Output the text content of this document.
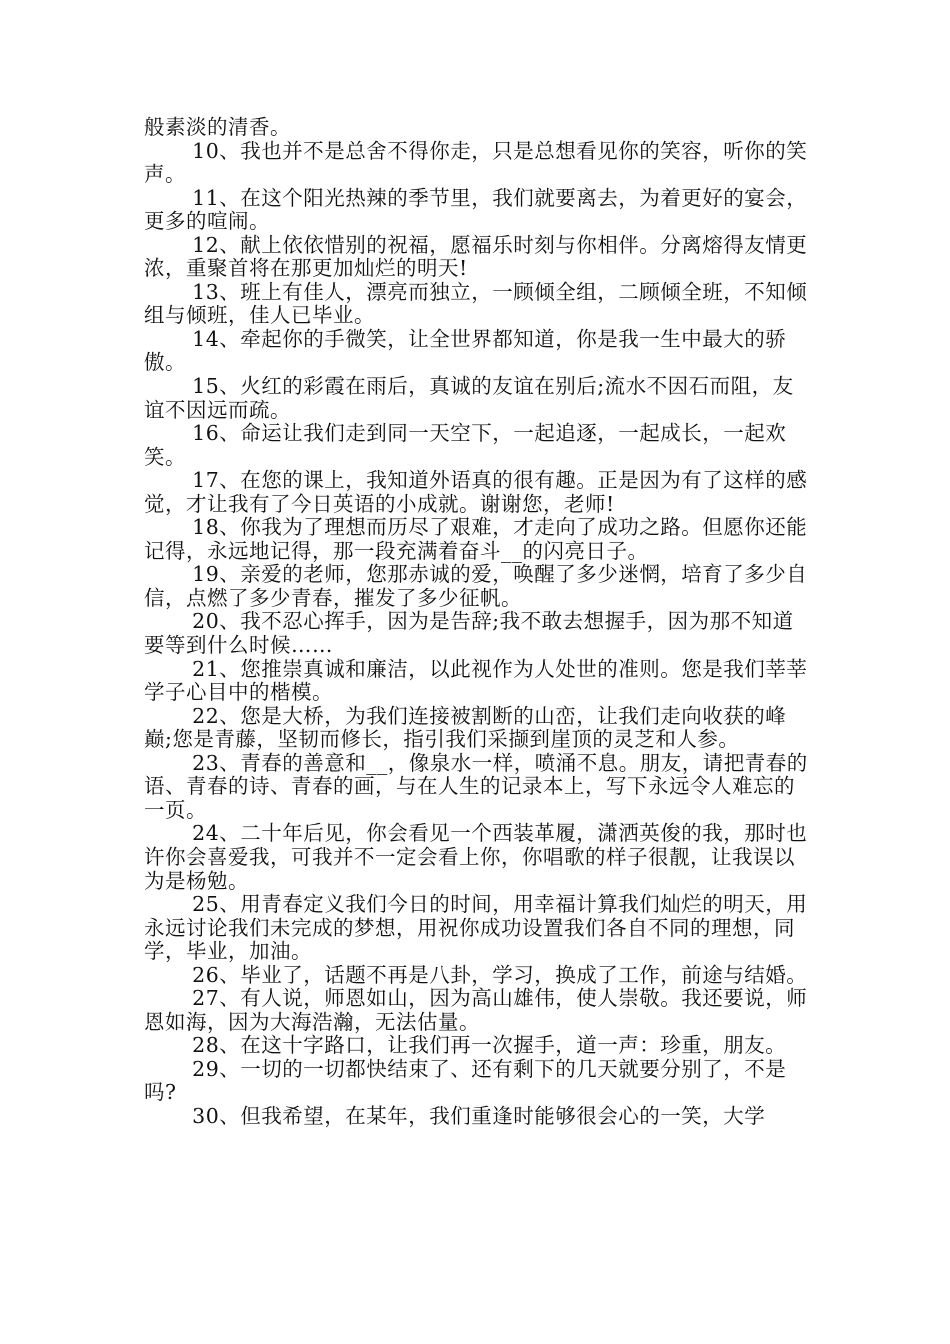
般素淡的清香。

10、我也并不是总舍不得你走，只是总想看见你的笑容，听你的笑声。

11、在这个阳光热辣的季节里，我们就要离去，为着更好的宴会，更多的喧闹。

12、献上依依惜别的祝福，愿福乐时刻与你相伴。分离熔得友情更浓，重聚首将在那更加灿烂的明天!

13、班上有佳人，漂亮而独立，一顾倾全组，二顾倾全班，不知倾组与倾班，佳人已毕业。

14、牵起你的手微笑，让全世界都知道，你是我一生中最大的骄傲。

15、火红的彩霞在雨后，真诚的友谊在别后;流水不因石而阻，友谊不因远而疏。

16、命运让我们走到同一天空下，一起追逐，一起成长，一起欢笑。

17、在您的课上，我知道外语真的很有趣。正是因为有了这样的感觉，才让我有了今日英语的小成就。谢谢您，老师!

18、你我为了理想而历尽了艰难，才走向了成功之路。但愿你还能记得，永远地记得，那一段充满着奋斗__的闪亮日子。

19、亲爱的老师，您那赤诚的爱，唤醒了多少迷惘，培育了多少自信，点燃了多少青春，摧发了多少征帆。

20、我不忍心挥手，因为是告辞;我不敢去想握手，因为那不知道要等到什么时候……

21、您推崇真诚和廉洁，以此视作为人处世的准则。您是我们莘莘学子心目中的楷模。

22、您是大桥，为我们连接被割断的山峦，让我们走向收获的峰巅;您是青藤，坚韧而修长，指引我们采撷到崖顶的灵芝和人参。

23、青春的善意和__，像泉水一样，喷涌不息。朋友，请把青春的语、青春的诗、青春的画，与在人生的记录本上，写下永远令人难忘的一页。

24、二十年后见，你会看见一个西装革履，潇洒英俊的我，那时也许你会喜爱我，可我并不一定会看上你，你唱歌的样子很靓，让我误以为是杨勉。

25、用青春定义我们今日的时间，用幸福计算我们灿烂的明天，用永远讨论我们未完成的梦想，用祝你成功设置我们各自不同的理想，同学，毕业，加油。

26、毕业了，话题不再是八卦，学习，换成了工作，前途与结婚。

27、有人说，师恩如山，因为高山雄伟，使人崇敬。我还要说，师恩如海，因为大海浩瀚，无法估量。

28、在这十字路口，让我们再一次握手，道一声：珍重，朋友。

29、一切的一切都快结束了、还有剩下的几天就要分别了，不是吗?

30、但我希望，在某年，我们重逢时能够很会心的一笑，大学
